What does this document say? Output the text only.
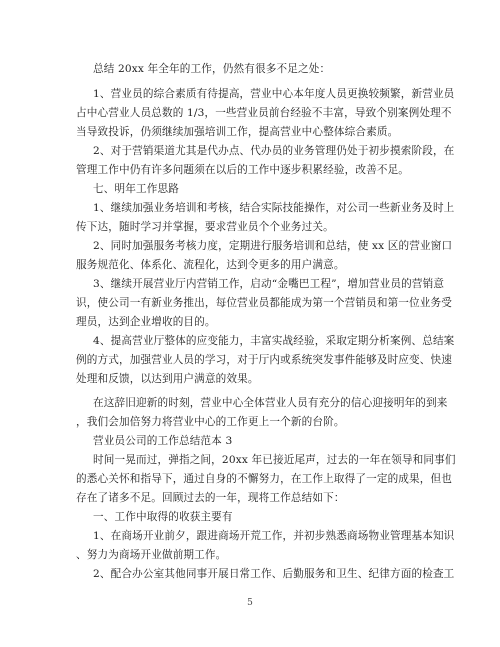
总结 20xx 年全年的工作，仍然有很多不足之处：
1、营业员的综合素质有待提高，营业中心本年度人员更换较频繁，新营业员
占中心营业人员总数的 1/3，一些营业员前台经验不丰富，导致个别案例处理不
当导致投诉，仍须继续加强培训工作，提高营业中心整体综合素质。
2、对于营销渠道尤其是代办点、代办员的业务管理仍处于初步摸索阶段，在
管理工作中仍有许多问题须在以后的工作中逐步积累经验，改善不足。
七、明年工作思路
1、继续加强业务培训和考核，结合实际技能操作，对公司一些新业务及时上
传下达，随时学习并掌握，要求营业员个个业务过关。
2、同时加强服务考核力度，定期进行服务培训和总结，使 xx 区的营业窗口
服务规范化、体系化、流程化，达到令更多的用户满意。
3、继续开展营业厅内营销工作，启动“金嘴巴工程”，增加营业员的营销意
识，使公司一有新业务推出，每位营业员都能成为第一个营销员和第一位业务受
理员，达到企业增收的目的。
4、提高营业厅整体的应变能力，丰富实战经验，采取定期分析案例、总结案
例的方式，加强营业人员的学习，对于厅内或系统突发事件能够及时应变、快速
处理和反馈，以达到用户满意的效果。
在这辞旧迎新的时刻，营业中心全体营业人员有充分的信心迎接明年的到来
，我们会加倍努力将营业中心的工作更上一个新的台阶。
营业员公司的工作总结范本 3
时间一晃而过，弹指之间，20xx 年已接近尾声，过去的一年在领导和同事们
的悉心关怀和指导下，通过自身的不懈努力，在工作上取得了一定的成果，但也
存在了诸多不足。回顾过去的一年，现将工作总结如下：
一、工作中取得的收获主要有
1、在商场开业前夕，跟进商场开荒工作，并初步熟悉商场物业管理基本知识
、努力为商场开业做前期工作。
2、配合办公室其他同事开展日常工作、后勤服务和卫生、纪律方面的检查工
5
